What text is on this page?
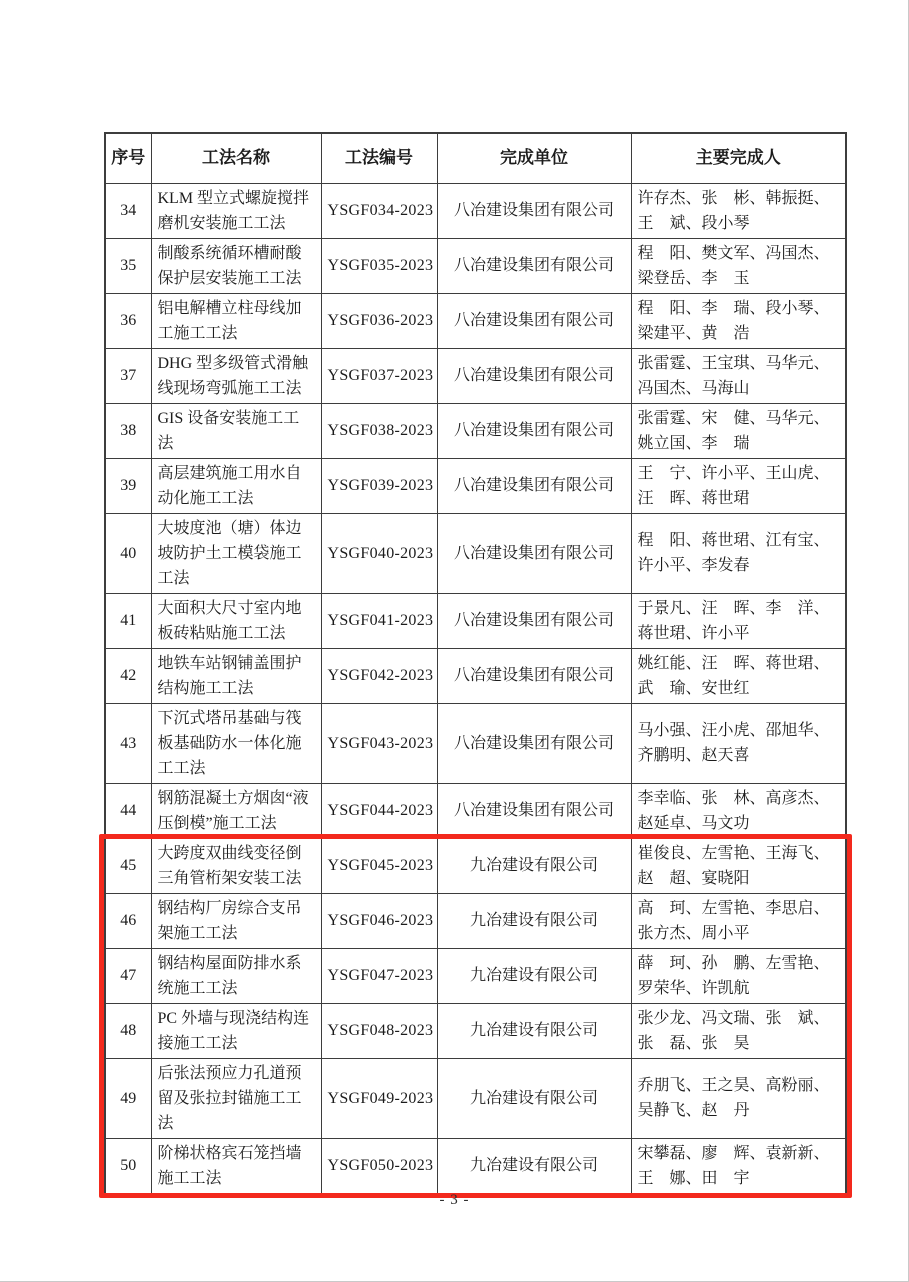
序号	工法名称	工法编号	完成单位	主要完成人
34	KLM 型立式螺旋搅拌磨机安装施工工法	YSGF034-2023	八冶建设集团有限公司	许存杰、张　彬、韩振挺、王　斌、段小琴
35	制酸系统循环槽耐酸保护层安装施工工法	YSGF035-2023	八冶建设集团有限公司	程　阳、樊文军、冯国杰、梁登岳、李　玉
36	铝电解槽立柱母线加工施工工法	YSGF036-2023	八冶建设集团有限公司	程　阳、李　瑞、段小琴、梁建平、黄　浩
37	DHG 型多级管式滑触线现场弯弧施工工法	YSGF037-2023	八冶建设集团有限公司	张雷霆、王宝琪、马华元、冯国杰、马海山
38	GIS 设备安装施工工法	YSGF038-2023	八冶建设集团有限公司	张雷霆、宋　健、马华元、姚立国、李　瑞
39	高层建筑施工用水自动化施工工法	YSGF039-2023	八冶建设集团有限公司	王　宁、许小平、王山虎、汪　晖、蒋世珺
40	大坡度池（塘）体边坡防护土工模袋施工工法	YSGF040-2023	八冶建设集团有限公司	程　阳、蒋世珺、江有宝、许小平、李发春
41	大面积大尺寸室内地板砖粘贴施工工法	YSGF041-2023	八冶建设集团有限公司	于景凡、汪　晖、李　洋、蒋世珺、许小平
42	地铁车站钢铺盖围护结构施工工法	YSGF042-2023	八冶建设集团有限公司	姚红能、汪　晖、蒋世珺、武　瑜、安世红
43	下沉式塔吊基础与筏板基础防水一体化施工工法	YSGF043-2023	八冶建设集团有限公司	马小强、汪小虎、邵旭华、齐鹏明、赵天喜
44	钢筋混凝土方烟囱“液压倒模”施工工法	YSGF044-2023	八冶建设集团有限公司	李幸临、张　林、高彦杰、赵延卓、马文功
45	大跨度双曲线变径倒三角管桁架安装工法	YSGF045-2023	九冶建设有限公司	崔俊良、左雪艳、王海飞、赵　超、宴晓阳
46	钢结构厂房综合支吊架施工工法	YSGF046-2023	九冶建设有限公司	高　珂、左雪艳、李思启、张方杰、周小平
47	钢结构屋面防排水系统施工工法	YSGF047-2023	九冶建设有限公司	薛　珂、孙　鹏、左雪艳、罗荣华、许凯航
48	PC 外墙与现浇结构连接施工工法	YSGF048-2023	九冶建设有限公司	张少龙、冯文瑞、张　斌、张　磊、张　昊
49	后张法预应力孔道预留及张拉封锚施工工法	YSGF049-2023	九冶建设有限公司	乔朋飞、王之昊、高粉丽、吴静飞、赵　丹
50	阶梯状格宾石笼挡墙施工工法	YSGF050-2023	九冶建设有限公司	宋攀磊、廖　辉、袁新新、王　娜、田　宇
- 3 -
